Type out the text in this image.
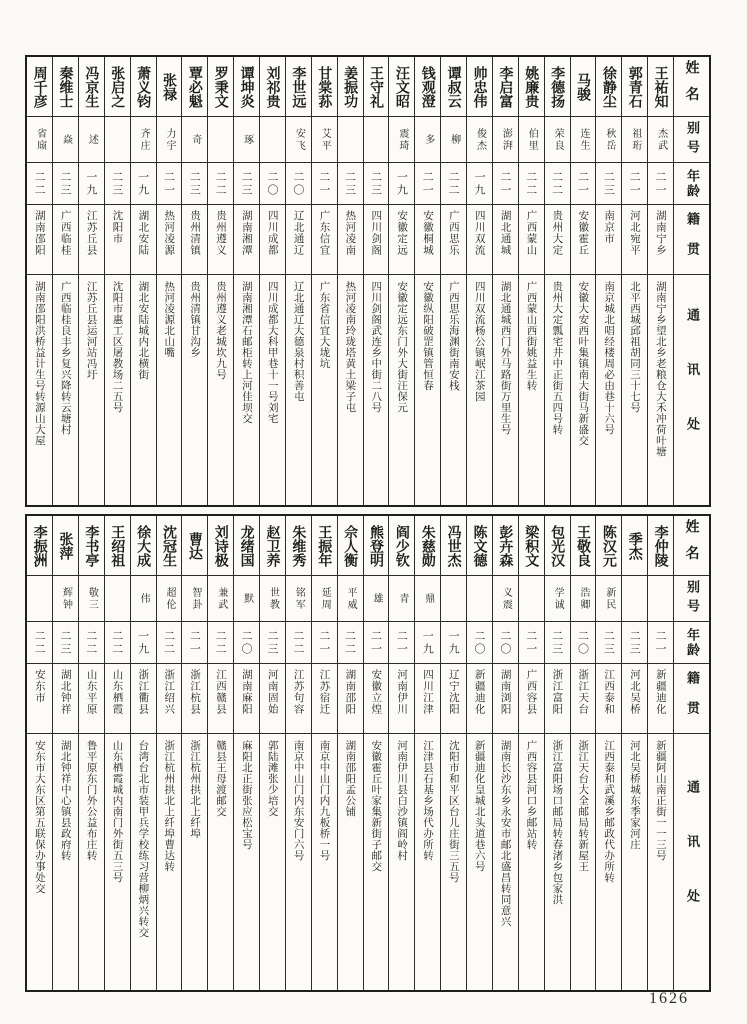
姓名
别号
年龄
籍贯
通讯处
王祐知
杰武
二一
湖南宁乡
湖南宁乡望北乡老粮仓大禾冲荷叶塘
郭青石
祖珩
二一
河北宛平
北平西城邱祖胡同三十七号
徐静尘
秋岳
二三
南京市
南京城北唱经楼周必由巷十六号
马骏
连生
二一
安徽霍丘
安徽大安西叶集镇南大街马新盛交
李德扬
荣良
二二
贵州大定
贵州大定瓢宅井中正街五四号转
姚廉贵
伯里
二二
广西蒙山
广西蒙山西街姚益生转
李启富
澎湃
二一
湖北通城
湖北通城西门外马路街万里生号
帅忠伟
俊杰
一九
四川双流
四川双流杨公镇岷江茶园
谭叔云
柳
二二
广西思乐
广西思乐海渊街南安栈
钱观澄
多
二一
安徽桐城
安徽纵阳破罡镇管恒春
汪文昭
震琦
一九
安徽定远
安徽定远东门外大街汪保元
王守礼
二三
四川剑阁
四川剑阁武连乡中街二八号
姜振功
二三
热河凌南
热河凌南玲珑塔黄土梁子屯
甘棠荪
艾平
二一
广东信宜
广东省信宜大垅坑
李世远
安飞
二〇
辽北通辽
辽北通辽大德泉村积善屯
刘祁贵
二〇
四川成都
四川成都大科甲巷十一号刘宅
谭坤炎
琢
二三
湖南湘潭
湖南湘潭石邮柜转上河佳坝交
罗秉文
二二
贵州遵义
贵州遵义老城坎九号
覃必魁
奇
二三
贵州清镇
贵州清镇甘沟乡
张禄
力宇
二一
热河凌源
热河凌源北山嘴
萧义钧
齐庄
一九
湖北安陆
湖北安陆城内北横街
张启之
二三
沈阳市
沈阳市惠工区屠教场二五号
冯京生
述
一九
江苏丘县
江苏丘县运河站冯圩
秦维士
焱
二三
广西临桂
广西临桂良丰乡复兴降转云塘村
周千彦
省庼
二二
湖南邵阳
湖南邵阳洪桥益计生号转源山大屋
姓名
别号
年龄
籍贯
通讯处
李仲陵
二一
新疆迪化
新疆阿山南正街一一三号
季杰
二三
河北吴桥
河北吴桥城东季家河庄
陈汉元
新民
二三
江西泰和
江西泰和武溪乡邮政代办所转
王敬良
浩卿
二〇
浙江天台
浙江天台大全邮局转新屋王
包光汉
学诚
二三
浙江富阳
浙江富阳场口邮局转春渚乡包家洪
梁积文
二一
广西容县
广西容县河口乡邮站转
彭卉森
义震
二〇
湖南浏阳
湖南长沙东乡永安市邮北盛昌转同意兴
陈文德
二〇
新疆迪化
新疆迪化皇城北头道巷六号
冯世杰
一九
辽宁沈阳
沈阳市和平区台儿庄街三五号
朱慈勋
鼎
一九
四川江津
江津县石基乡场代办所转
阎少钦
青
二一
河南伊川
河南伊川县白沙镇阎岭村
熊登明
雄
二一
安徽立煌
安徽霍丘叶家集新街子邮交
佘人衡
平威
二二
湖南邵阳
湖南邵阳孟公铺
王振年
延周
二一
江苏宿迁
南京中山门内九板桥一号
朱维秀
铭军
二二
江苏句容
南京中山门内东安门六号
赵卫养
世教
二三
河南固始
郭陆滩张少培交
龙绪国
默
二〇
湖南麻阳
麻阳北正街张应松宝号
刘诗极
兼武
二二
江西赣县
赣县王母渡邮交
曹达
智卦
二一
浙江杭县
浙江杭州拱北上纤埠
沈冠生
超伦
二二
浙江绍兴
浙江杭州拱北上纤埠曹达转
徐大成
伟
一九
浙江衢县
台湾台北市装甲兵学校练习营柳炳兴转交
王绍祖
二二
山东栖霞
山东栖霞城内南门外街五三号
李书亭
敬三
二二
山东平原
鲁平原东门外公益布庄转
张萍
辉钟
二三
湖北钟祥
湖北钟祥中心镇县政府转
李振洲
二二
安东市
安东市大东区第五联保办事处交
1626
